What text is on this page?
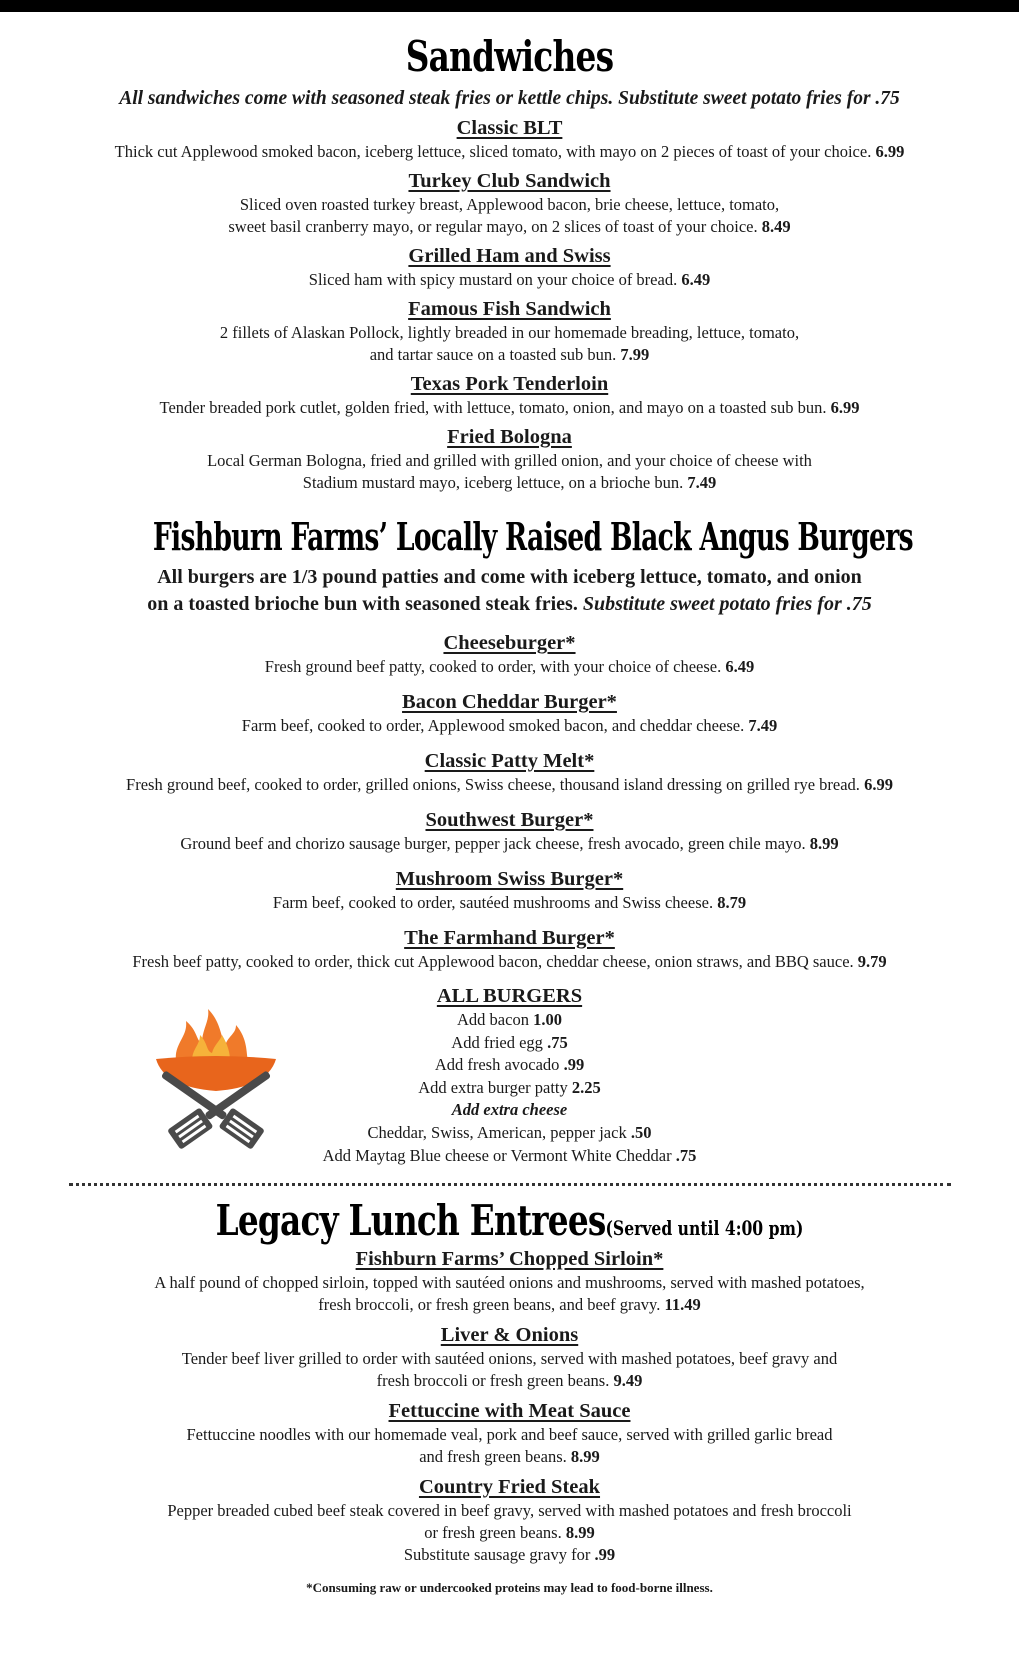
Sandwiches
All sandwiches come with seasoned steak fries or kettle chips. Substitute sweet potato fries for .75
Classic BLT
Thick cut Applewood smoked bacon, iceberg lettuce, sliced tomato, with mayo on 2 pieces of toast of your choice. 6.99
Turkey Club Sandwich
Sliced oven roasted turkey breast, Applewood bacon, brie cheese, lettuce, tomato,
sweet basil cranberry mayo, or regular mayo, on 2 slices of toast of your choice. 8.49
Grilled Ham and Swiss
Sliced ham with spicy mustard on your choice of bread. 6.49
Famous Fish Sandwich
2 fillets of Alaskan Pollock, lightly breaded in our homemade breading, lettuce, tomato,
and tartar sauce on a toasted sub bun. 7.99
Texas Pork Tenderloin
Tender breaded pork cutlet, golden fried, with lettuce, tomato, onion, and mayo on a toasted sub bun. 6.99
Fried Bologna
Local German Bologna, fried and grilled with grilled onion, and your choice of cheese with
Stadium mustard mayo, iceberg lettuce, on a brioche bun. 7.49
Fishburn Farms’ Locally Raised Black Angus Burgers
All burgers are 1/3 pound patties and come with iceberg lettuce, tomato, and onion
on a toasted brioche bun with seasoned steak fries. Substitute sweet potato fries for .75
Cheeseburger*
Fresh ground beef patty, cooked to order, with your choice of cheese. 6.49
Bacon Cheddar Burger*
Farm beef, cooked to order, Applewood smoked bacon, and cheddar cheese. 7.49
Classic Patty Melt*
Fresh ground beef, cooked to order, grilled onions, Swiss cheese, thousand island dressing on grilled rye bread. 6.99
Southwest Burger*
Ground beef and chorizo sausage burger, pepper jack cheese, fresh avocado, green chile mayo. 8.99
Mushroom Swiss Burger*
Farm beef, cooked to order, sautéed mushrooms and Swiss cheese. 8.79
The Farmhand Burger*
Fresh beef patty, cooked to order, thick cut Applewood bacon, cheddar cheese, onion straws, and BBQ sauce. 9.79
ALL BURGERS
Add bacon 1.00
Add fried egg .75
Add fresh avocado .99
Add extra burger patty 2.25
Add extra cheese
Cheddar, Swiss, American, pepper jack .50
Add Maytag Blue cheese or Vermont White Cheddar .75
Legacy Lunch Entrees(Served until 4:00 pm)
Fishburn Farms’ Chopped Sirloin*
A half pound of chopped sirloin, topped with sautéed onions and mushrooms, served with mashed potatoes,
fresh broccoli, or fresh green beans, and beef gravy. 11.49
Liver & Onions
Tender beef liver grilled to order with sautéed onions, served with mashed potatoes, beef gravy and
fresh broccoli or fresh green beans. 9.49
Fettuccine with Meat Sauce
Fettuccine noodles with our homemade veal, pork and beef sauce, served with grilled garlic bread
and fresh green beans. 8.99
Country Fried Steak
Pepper breaded cubed beef steak covered in beef gravy, served with mashed potatoes and fresh broccoli
or fresh green beans. 8.99
Substitute sausage gravy for .99
*Consuming raw or undercooked proteins may lead to food-borne illness.
